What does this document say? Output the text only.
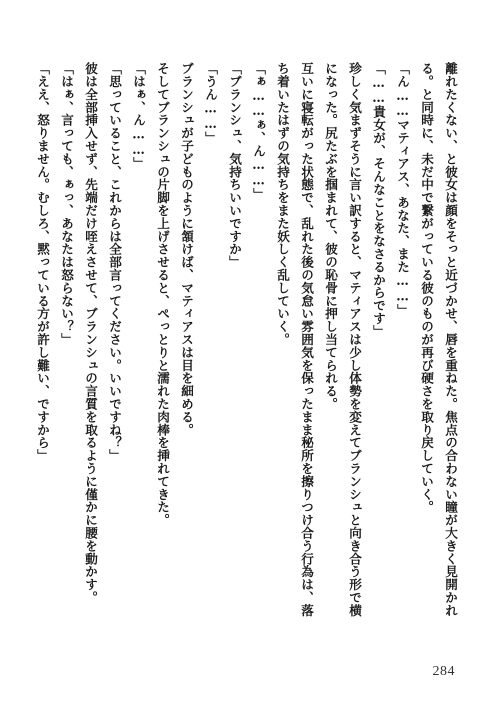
離れたくない、と彼女は顔をそっと近づかせ、唇を重ねた。焦点の合わない瞳が大きく見開かれ
る。と同時に、未だ中で繋がっている彼のものが再び硬さを取り戻していく。
「ん……マティアス、あなた、また……」
「……貴女が、そんなことをなさるからです」
珍しく気まずそうに言い訳すると、マティアスは少し体勢を変えてブランシュと向き合う形で横
になった。尻たぶを掴まれて、彼の恥骨に押し当てられる。
互いに寝転がった状態で、乱れた後の気怠い雰囲気を保ったまま秘所を擦りつけ合う行為は、落
ち着いたはずの気持ちをまた妖しく乱していく。
「ぁ……ぁ、ん……」
「ブランシュ、気持ちいいですか」
「うん……」
ブランシュが子どものように頷けば、マティアスは目を細める。
そしてブランシュの片脚を上げさせると、ぺっとりと濡れた肉棒を挿れてきた。
「はぁ、ん……」
「思っていること、これからは全部言ってください。いいですね？」
彼は全部挿入せず、先端だけ咥えさせて、ブランシュの言質を取るように僅かに腰を動かす。
「はぁ、言っても、ぁっ、あなたは怒らない？」
「ええ、怒りません。むしろ、黙っている方が許し難い、ですから」
284
